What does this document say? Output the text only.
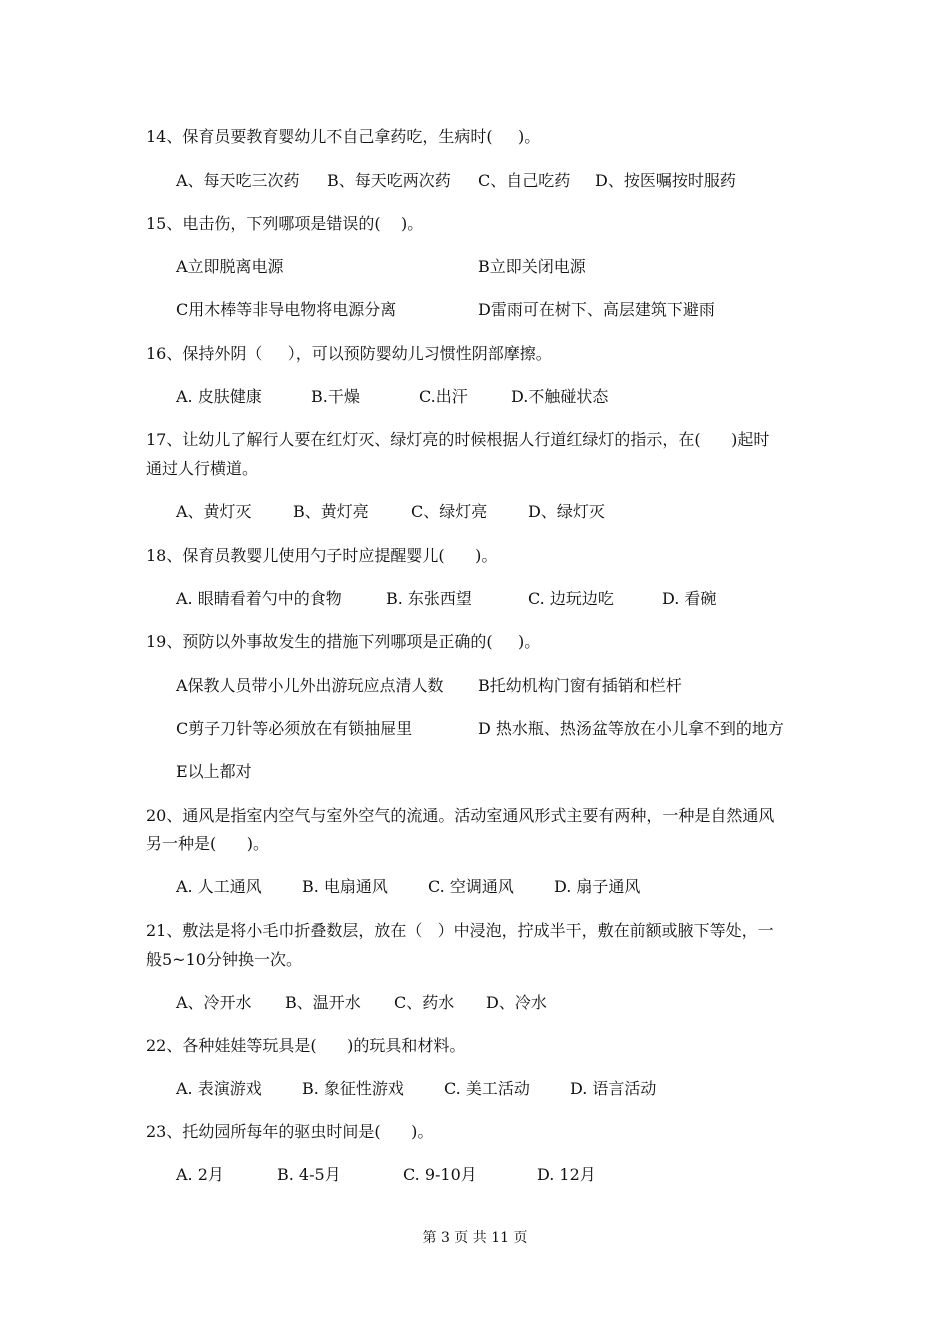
14、保育员要教育婴幼儿不自己拿药吃，生病时(     )。
A、每天吃三次药 B、每天吃两次药 C、自己吃药 D、按医嘱按时服药
15、电击伤，下列哪项是错误的(    )。
A立即脱离电源	B立即关闭电源
C用木棒等非导电物将电源分离	D雷雨可在树下、高层建筑下避雨
16、保持外阴（     ），可以预防婴幼儿习惯性阴部摩擦。
A. 皮肤健康	B.干燥	C.出汗	D.不触碰状态
17、让幼儿了解行人要在红灯灭、绿灯亮的时候根据人行道红绿灯的指示，在(      )起时
通过人行横道。
A、黄灯灭	B、黄灯亮	C、绿灯亮	D、绿灯灭
18、保育员教婴儿使用勺子时应提醒婴儿(      )。
A. 眼睛看着勺中的食物	B. 东张西望	C. 边玩边吃	D. 看碗
19、预防以外事故发生的措施下列哪项是正确的(     )。
A保教人员带小儿外出游玩应点清人数 B托幼机构门窗有插销和栏杆
C剪子刀针等必须放在有锁抽屉里	D 热水瓶、热汤盆等放在小儿拿不到的地方
E以上都对
20、通风是指室内空气与室外空气的流通。活动室通风形式主要有两种，一种是自然通风
另一种是(      )。
A. 人工通风	B. 电扇通风	C. 空调通风	D. 扇子通风
21、敷法是将小毛巾折叠数层，放在（   ）中浸泡，拧成半干，敷在前额或腋下等处，一
般5~10分钟换一次。
A、冷开水 B、温开水 C、药水 D、冷水
22、各种娃娃等玩具是(      )的玩具和材料。
A. 表演游戏	B. 象征性游戏	C. 美工活动	D. 语言活动
23、托幼园所每年的驱虫时间是(      )。
A. 2月	B. 4-5月	C. 9-10月	D. 12月
第 3 页 共 11 页
